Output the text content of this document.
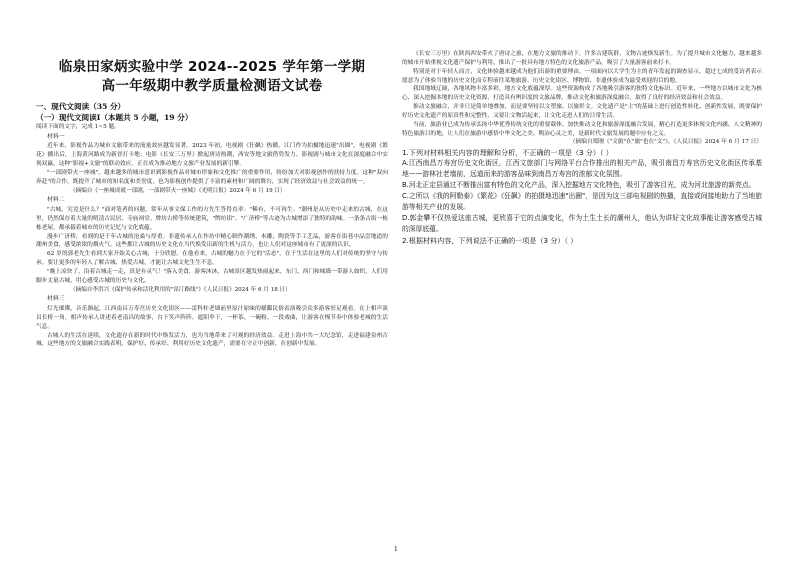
临泉田家炳实验中学 2024--2025 学年第一学期
高一年级期中教学质量检测语文试卷

一、现代文阅读（35 分）

（一）现代文阅读Ⅰ（本题共 5 小题，19 分）

阅读下面的文字，完成 1~5 题。

材料一

近年来，影视作品为城市文旅带来的流量效应越发显著。2023 年初，电视剧《狂飙》热播，江门作为拍摄地迅速"出圈"，电视剧《繁花》播出后，上海黄河路成为新晋打卡地；电影《长安三万里》掀起唐诗热潮，西安等地文旅借势发力。影视剧与城市文化在深度融合中实现双赢，这种"影视+文旅"的联动效应，正在成为推动地方文旅产业发展的新引擎。

"一部剧带火一座城"，越来越多的城市意识到影视作品对城市形象和文化推广的重要作用，纷纷加大对影视创作的扶持力度。这种"双向奔赴"的合作，既提升了城市的知名度和美誉度，也为影视创作提供了丰富的素材和广阔的舞台，实现了经济效益与社会效益的统一。

（摘编自《一座城成就一部剧，一部剧带火一座城》《光明日报》2024 年 6 月 19 日）

材料二

"古城，究竟是什么？"面对笔者的问题，常年从事文保工作的方先生答得直率："稀有，不可再生。"潮州是从历史中走来的古城，在这里，仍然保存着大量的明清古民居、寺庙祠堂、牌坊古桥等传统建筑，"牌坊街"、"广济桥"等古迹为古城增添了独特的韵味。一条条古街一栋栋老屋，都承载着城市的历史记忆与文化底蕴。

漫步广济桥，看到的是千年古城的沧桑与厚重。非遗传承人在作坊中精心制作潮绣、木雕、陶瓷等手工艺品，游客在街巷中品尝地道的潮州美食，感受浓浓的烟火气。这些都让古城的历史文化在当代焕发出新的生机与活力，也让人们对这座城市有了更深的认识。

62 岁的郭老先生看到大家开始关心古城，十分欣慰。在他看来，古城的魅力在于它的"活态"，在于生活在这里的人们对传统的坚守与传承。要让更多的年轻人了解古城、热爱古城，才能让古城文化生生不息。

"晚上凉快了，沿着古城走一走，真是有灵气！"落入美食，游客沐沐，古城景区越发热闹起来，东门、西门和城墙一带游人如织，人们用脚步丈量古城，用心感受古城的历史与文化。

（摘编自李洪兴《保护传承和活化利用的"昂汀路线"》《人民日报》2024 年 6 月 18 日）

材料三

灯光璀璨，音乐渐起，江西南昌万寿宫历史文化街区——雷科柱老墙前里原汁原味的赣鄱民俗表演吸引众多游客驻足观看。在上相声演员长桥一角，相声传承人讲述着老南昌的故事，台下笑声阵阵。遮阳伞下，一杯茶、一碗粉、一段戏曲，让游客在慢节奏中体验老城的生活气息。

古城人的生活在延续，文化遗存在新的时代中焕发活力，也为当地带来了可观的经济效益。走进上海中共一大纪念馆，走进福建泉州古城，这些地方的文旅融合实践表明，保护好、传承好、利用好历史文化遗产，需要在守正中创新，在创新中发展。

《长安三万里》在陕西西安带火了唐诗之旅，在地方文旅的推动下，许多古建筑群、文物古迹焕发新生。为了提升城市文化魅力，越来越多的城市开始重视文化遗产保护与利用，推出了一批具有地方特色的文化旅游产品，吸引了大量游客前来打卡。

特别是对于年轻人而言，文化体验越来越成为他们出游的重要理由。一项面向以大学生为主的青年发起的调查显示，超过七成的受访者表示愿意为了体验当地的历史文化而专程前往某地旅游，历史文化街区、博物馆、非遗体验成为最受欢迎的目的地。

我国地域辽阔，各地风物丰富多彩，地方文化底蕴深厚。这些资源构成了各地吸引游客的独特文化标识。近年来，一些地方以城市文化为核心，深入挖掘本地的历史文化资源，打造具有辨识度的文旅品牌，推动文化和旅游深度融合，取得了良好的经济效益和社会效益。

推动文旅融合，并非只是简单地叠加，而是要坚持以文塑旅、以旅彰文。文化遗产是"主"的基础上进行创造性转化、创新性发展，既要保护好历史文化遗产的原真性和完整性，又要让文物活起来，让文化走进人们的日常生活。

当前，旅游业已成为传承弘扬中华优秀传统文化的重要载体。加快推动文化和旅游深度融合发展，精心打造更多体现文化内涵、人文精神的特色旅游目的地，让人们在旅游中感悟中华文化之美、陶冶心灵之美，是新时代文旅发展的题中应有之义。

（摘编自郑刚《"文旅"在"旅"也在"文"》，《人民日报》2024 年 6 月 17 日）

1.下列对材料相关内容的理解和分析，不正确的一项是（3 分）（ ）

A.江西南昌万寿宫历史文化街区，江西文旅部门与网络平台合作推出的相关产品，吸引南昌万寿宫历史文化街区传承基地——游林社老墙前，远道而来的游客品味到南昌万寿宫的浓郁文化氛围。

B.河北正定县通过不断推出富有特色的文化产品，深入挖掘地方文化特色，吸引了游客目光，成为河北旅游的新亮点。

C.之所以《我的阿勒泰》《繁花》《狂飙》的拍摄地迅速"出圈"，是因为这三部电视剧的热播，直接或间接地助力了当地旅游等相关产业的发展。

D.郭金攀不仅热爱这座古城，更欣喜于它的点滴变化，作为土生土长的潮州人，他认为讲好文化故事能让游客感受古城的深厚底蕴。

2.根据材料内容，下列说法不正确的一项是（3 分）（ ）

1
